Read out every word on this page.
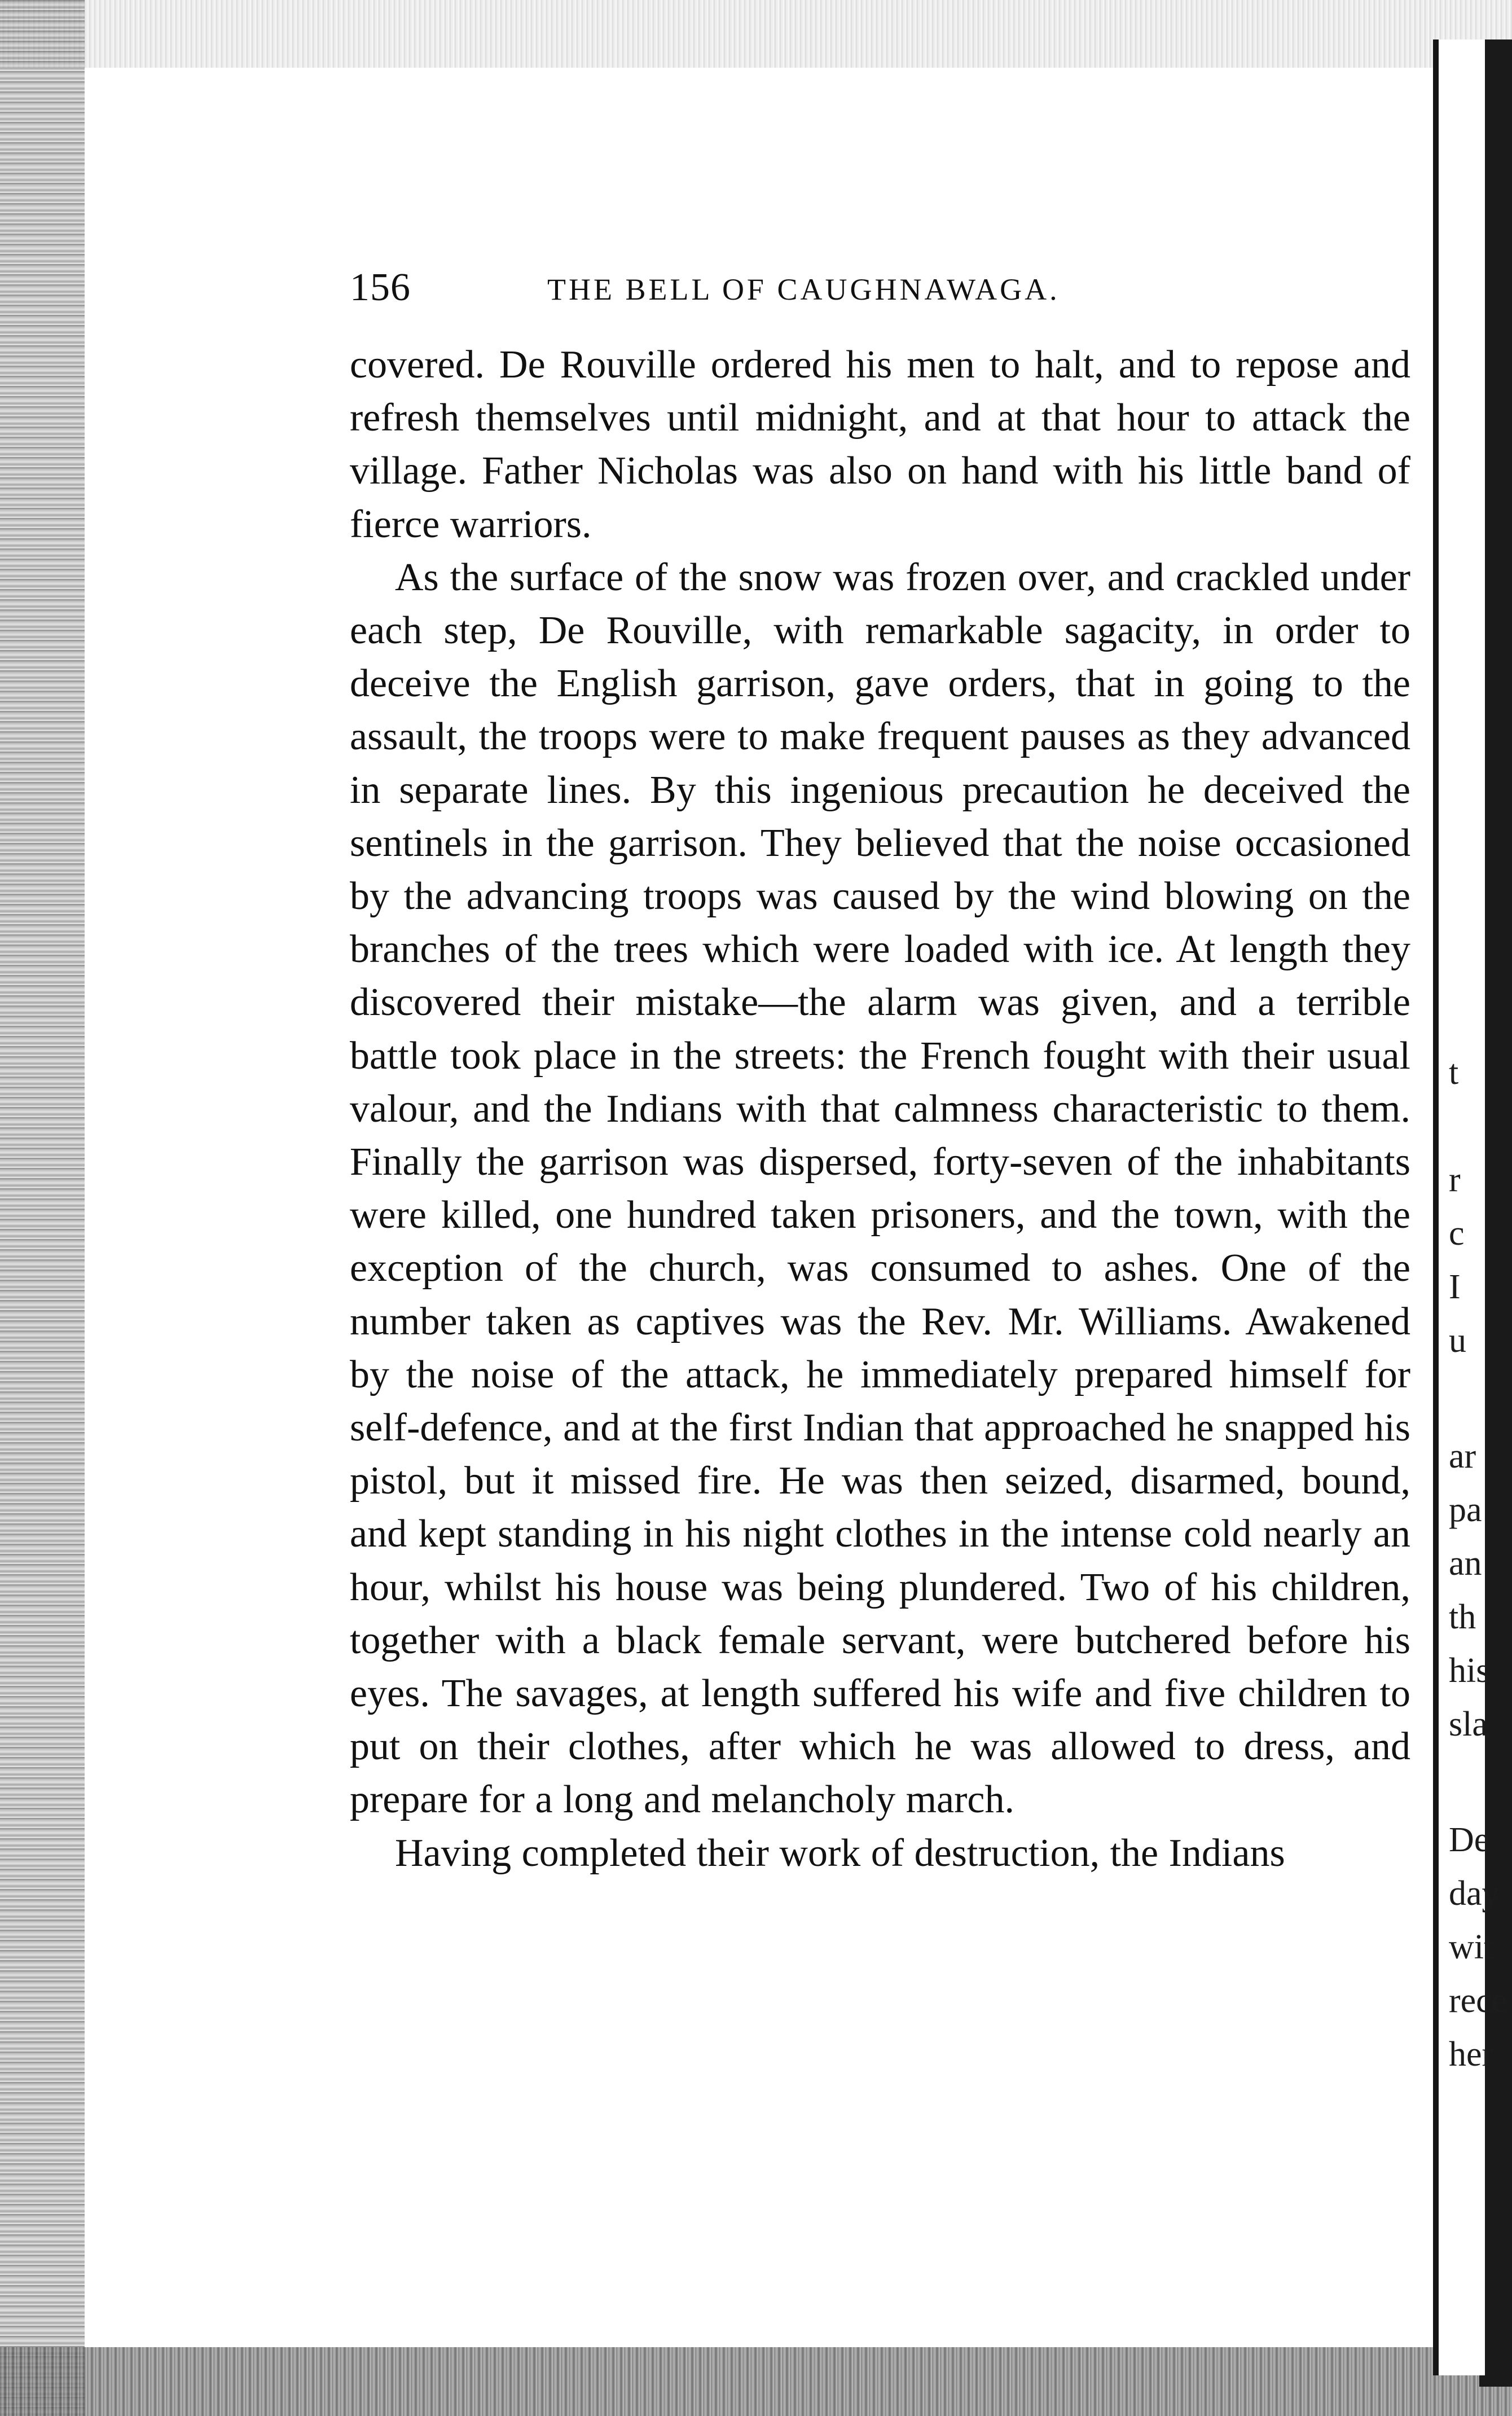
t
r
c
I
u
ar
pa
an
th
his
sla
De
day
wit
rece
her
156	THE BELL OF CAUGHNAWAGA.

covered. De Rouville ordered his men to halt, and to repose and refresh themselves until midnight, and at that hour to attack the village. Father Nicholas was also on hand with his little band of fierce warriors.

As the surface of the snow was frozen over, and crackled under each step, De Rouville, with remarkable sagacity, in order to deceive the English garrison, gave orders, that in going to the assault, the troops were to make frequent pauses as they advanced in separate lines. By this ingenious precaution he deceived the sentinels in the garrison. They believed that the noise occasioned by the advancing troops was caused by the wind blowing on the branches of the trees which were loaded with ice. At length they discovered their mistake—the alarm was given, and a terrible battle took place in the streets: the French fought with their usual valour, and the Indians with that calmness characteristic to them. Finally the garrison was dispersed, forty-seven of the inhabitants were killed, one hundred taken prisoners, and the town, with the exception of the church, was consumed to ashes. One of the number taken as captives was the Rev. Mr. Williams. Awakened by the noise of the attack, he immediately prepared himself for self-defence, and at the first Indian that approached he snapped his pistol, but it missed fire. He was then seized, disarmed, bound, and kept standing in his night clothes in the intense cold nearly an hour, whilst his house was being plundered. Two of his children, together with a black female servant, were butchered before his eyes. The savages, at length suffered his wife and five children to put on their clothes, after which he was allowed to dress, and prepare for a long and melancholy march.

Having completed their work of destruction, the Indians
